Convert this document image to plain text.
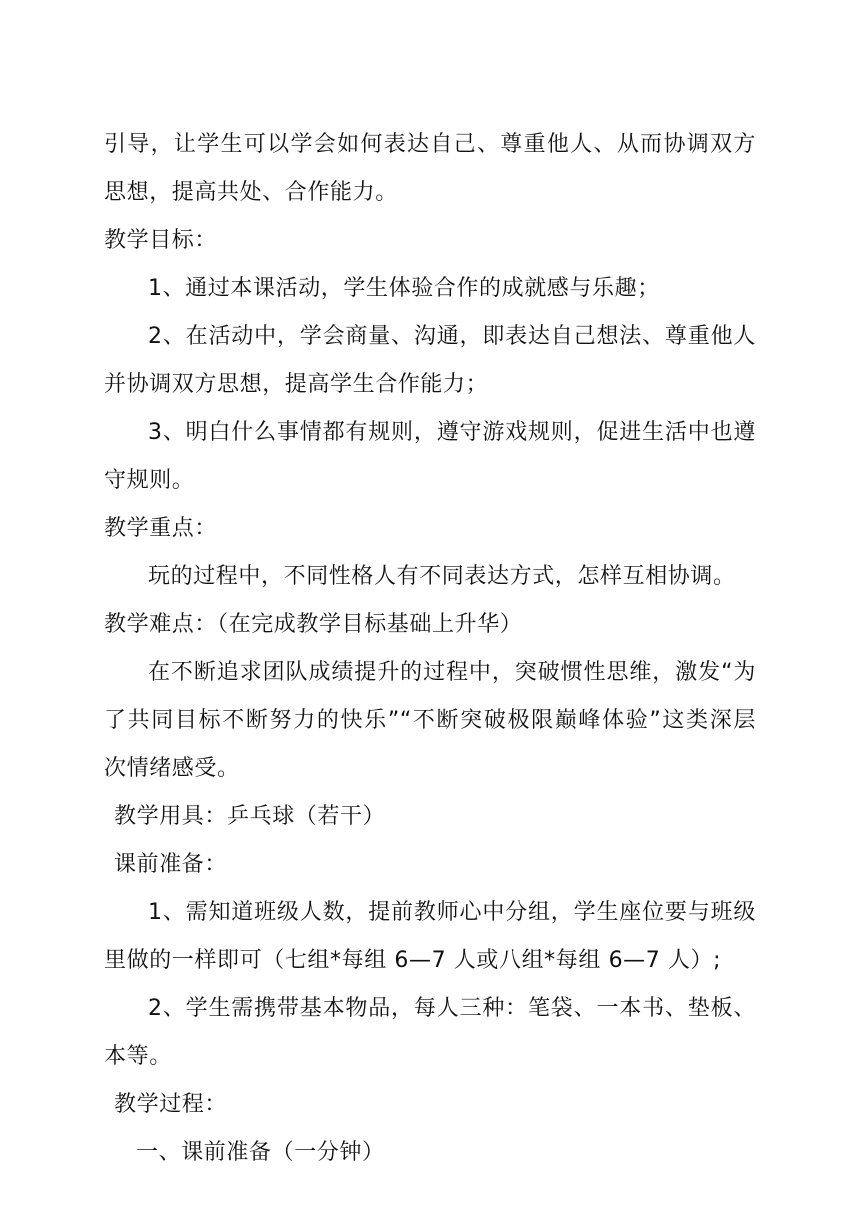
引导，让学生可以学会如何表达自己、尊重他人、从而协调双方
思想，提高共处、合作能力。
教学目标：
1、通过本课活动，学生体验合作的成就感与乐趣；
2、在活动中，学会商量、沟通，即表达自己想法、尊重他人
并协调双方思想，提高学生合作能力；
3、明白什么事情都有规则，遵守游戏规则，促进生活中也遵
守规则。
教学重点：
玩的过程中，不同性格人有不同表达方式，怎样互相协调。
教学难点：（在完成教学目标基础上升华）
在不断追求团队成绩提升的过程中，突破惯性思维，激发“为
了共同目标不断努力的快乐”“不断突破极限巅峰体验”这类深层
次情绪感受。
教学用具：乒乓球（若干）
课前准备：
1、需知道班级人数，提前教师心中分组，学生座位要与班级
里做的一样即可（七组*每组 6—7 人或八组*每组 6—7 人）;
2、学生需携带基本物品，每人三种：笔袋、一本书、垫板、
本等。
教学过程：
一、课前准备（一分钟）
